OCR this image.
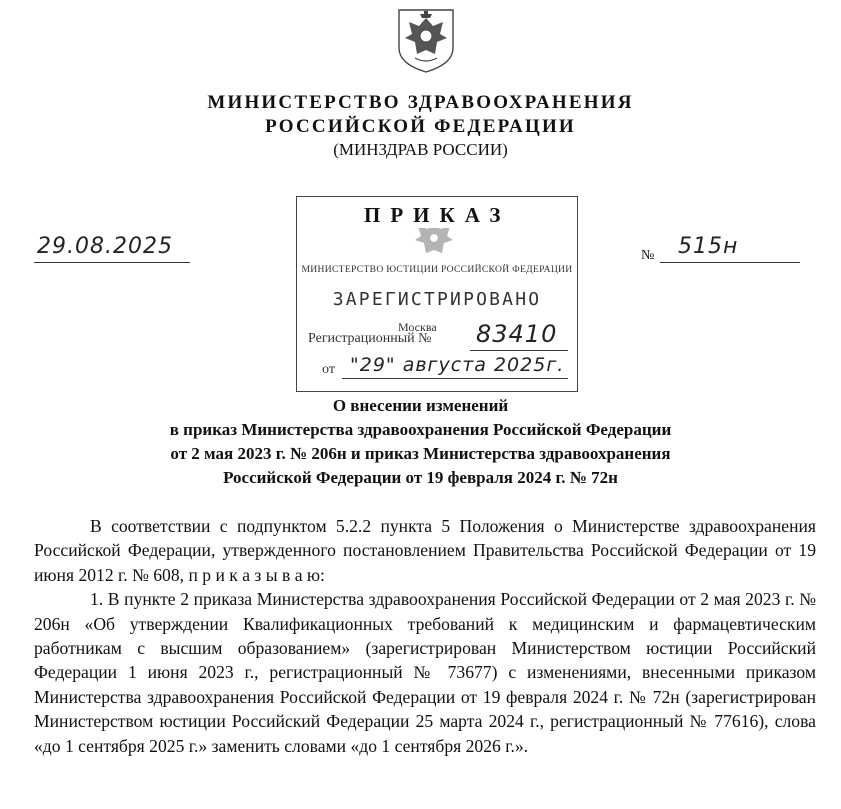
МИНИСТЕРСТВО ЗДРАВООХРАНЕНИЯ
РОССИЙСКОЙ ФЕДЕРАЦИИ
(МИНЗДРАВ РОССИИ)
29.08.2025	№ 515н
ПРИКАЗ
МИНИСТЕРСТВО ЮСТИЦИИ РОССИЙСКОЙ ФЕДЕРАЦИИ
ЗАРЕГИСТРИРОВАНО
Москва
Регистрационный № 83410
от "29" августа 2025г.
О внесении изменений
в приказ Министерства здравоохранения Российской Федерации
от 2 мая 2023 г. № 206н и приказ Министерства здравоохранения
Российской Федерации от 19 февраля 2024 г. № 72н

В соответствии с подпунктом 5.2.2 пункта 5 Положения о Министерстве здравоохранения Российской Федерации, утвержденного постановлением Правительства Российской Федерации от 19 июня 2012 г. № 608, п р и к а з ы в а ю:

1. В пункте 2 приказа Министерства здравоохранения Российской Федерации от 2 мая 2023 г. № 206н «Об утверждении Квалификационных требований к медицинским и фармацевтическим работникам с высшим образованием» (зарегистрирован Министерством юстиции Российский Федерации 1 июня 2023 г., регистрационный № 73677) с изменениями, внесенными приказом Министерства здравоохранения Российской Федерации от 19 февраля 2024 г. № 72н (зарегистрирован Министерством юстиции Российский Федерации 25 марта 2024 г., регистрационный № 77616), слова «до 1 сентября 2025 г.» заменить словами «до 1 сентября 2026 г.».
